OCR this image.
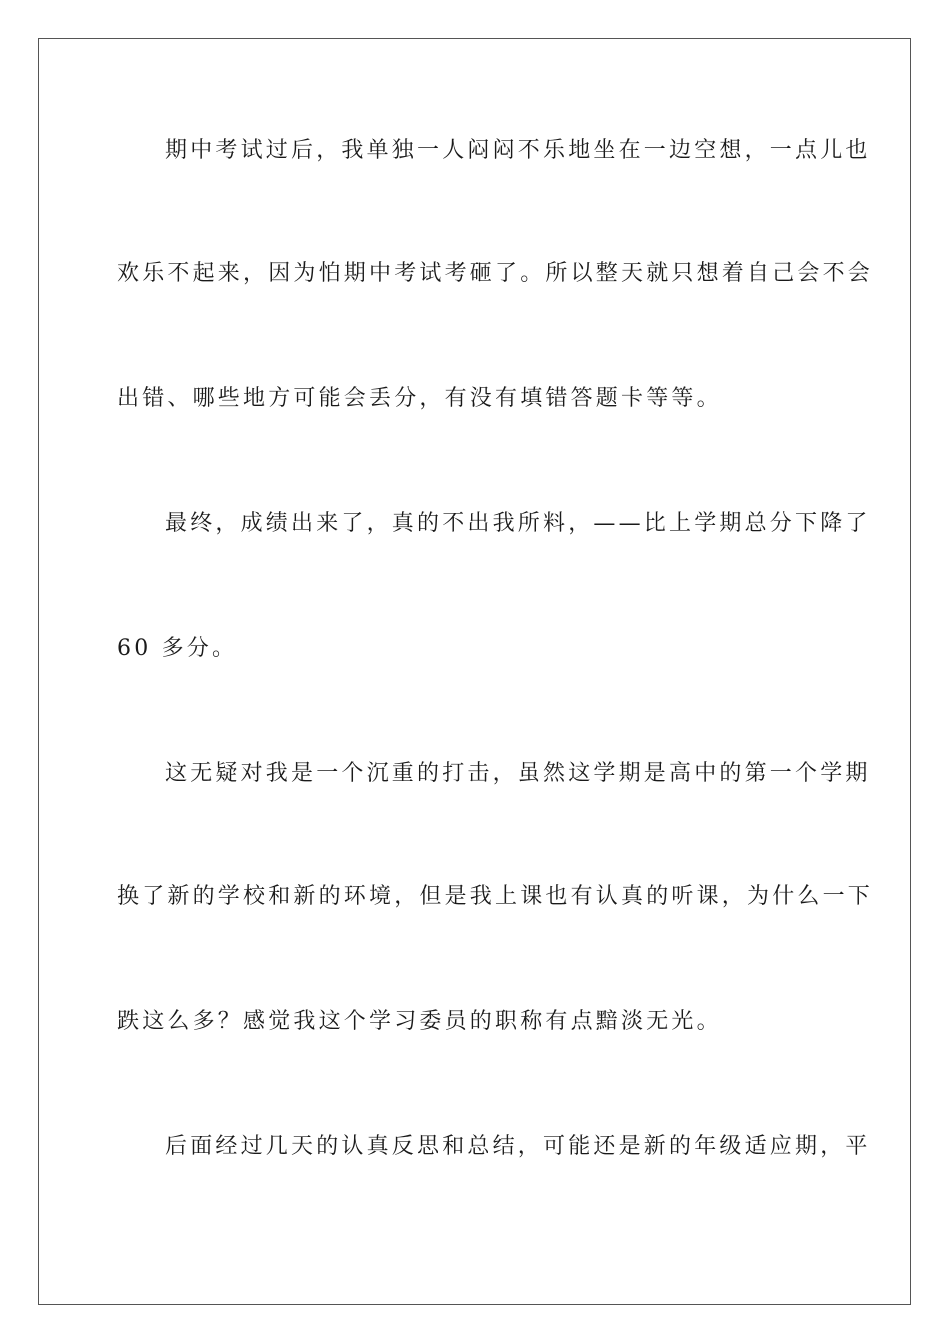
期中考试过后，我单独一人闷闷不乐地坐在一边空想，一点儿也
欢乐不起来，因为怕期中考试考砸了。所以整天就只想着自己会不会
出错、哪些地方可能会丢分，有没有填错答题卡等等。
最终，成绩出来了，真的不出我所料，——比上学期总分下降了
60 多分。
这无疑对我是一个沉重的打击，虽然这学期是高中的第一个学期
换了新的学校和新的环境，但是我上课也有认真的听课，为什么一下
跌这么多？感觉我这个学习委员的职称有点黯淡无光。
后面经过几天的认真反思和总结，可能还是新的年级适应期，平
